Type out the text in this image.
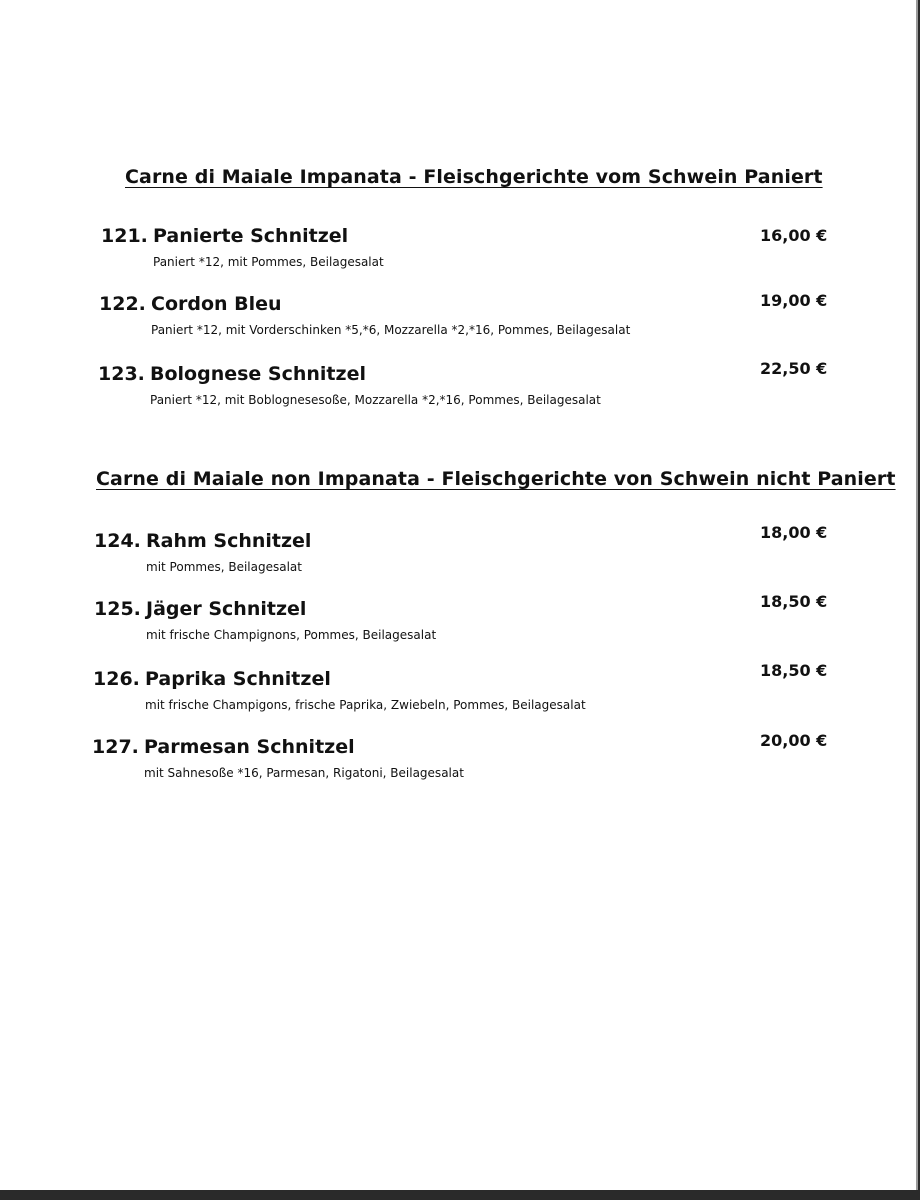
Carne di Maiale Impanata - Fleischgerichte vom Schwein Paniert
121. Panierte Schnitzel
Paniert *12, mit Pommes, Beilagesalat
16,00 €
122. Cordon Bleu
Paniert *12, mit Vorderschinken *5,*6, Mozzarella *2,*16, Pommes, Beilagesalat
19,00 €
123. Bolognese Schnitzel
Paniert *12, mit Boblognesesoße, Mozzarella *2,*16, Pommes, Beilagesalat
22,50 €
Carne di Maiale non Impanata - Fleischgerichte von Schwein nicht Paniert
124. Rahm Schnitzel
mit Pommes, Beilagesalat
18,00 €
125. Jäger Schnitzel
mit frische Champignons, Pommes, Beilagesalat
18,50 €
126. Paprika Schnitzel
mit frische Champigons, frische Paprika, Zwiebeln, Pommes, Beilagesalat
18,50 €
127. Parmesan Schnitzel
mit Sahnesoße *16, Parmesan, Rigatoni, Beilagesalat
20,00 €
